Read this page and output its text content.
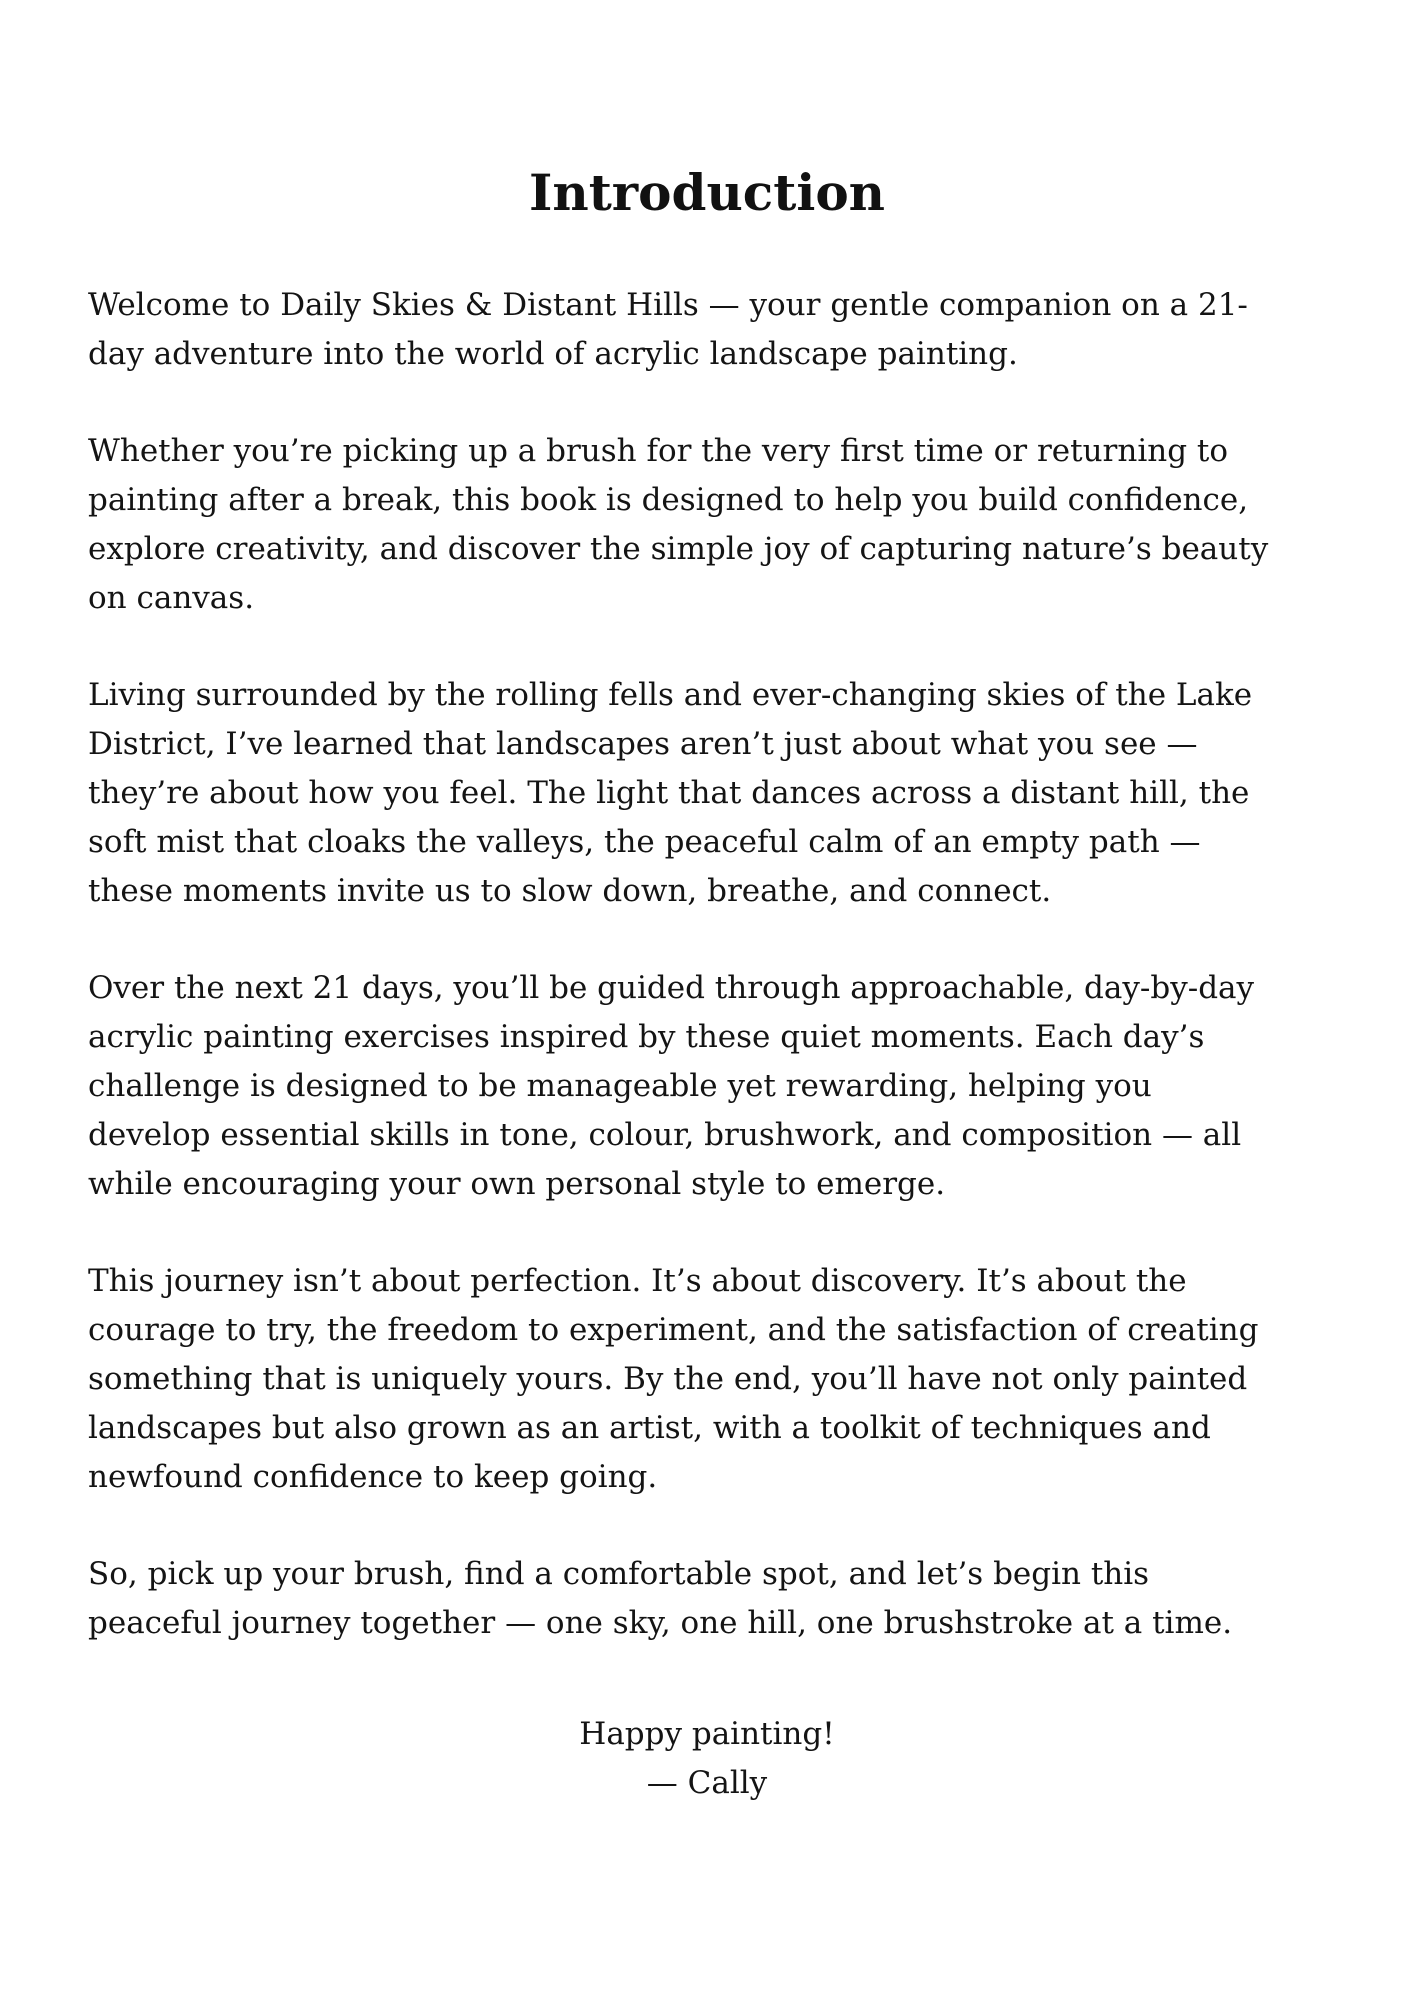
Introduction

Welcome to Daily Skies & Distant Hills — your gentle companion on a 21-
day adventure into the world of acrylic landscape painting.

Whether you’re picking up a brush for the very first time or returning to
painting after a break, this book is designed to help you build confidence,
explore creativity, and discover the simple joy of capturing nature’s beauty
on canvas.

Living surrounded by the rolling fells and ever-changing skies of the Lake
District, I’ve learned that landscapes aren’t just about what you see —
they’re about how you feel. The light that dances across a distant hill, the
soft mist that cloaks the valleys, the peaceful calm of an empty path —
these moments invite us to slow down, breathe, and connect.

Over the next 21 days, you’ll be guided through approachable, day-by-day
acrylic painting exercises inspired by these quiet moments. Each day’s
challenge is designed to be manageable yet rewarding, helping you
develop essential skills in tone, colour, brushwork, and composition — all
while encouraging your own personal style to emerge.

This journey isn’t about perfection. It’s about discovery. It’s about the
courage to try, the freedom to experiment, and the satisfaction of creating
something that is uniquely yours. By the end, you’ll have not only painted
landscapes but also grown as an artist, with a toolkit of techniques and
newfound confidence to keep going.

So, pick up your brush, find a comfortable spot, and let’s begin this
peaceful journey together — one sky, one hill, one brushstroke at a time.

Happy painting!
— Cally
